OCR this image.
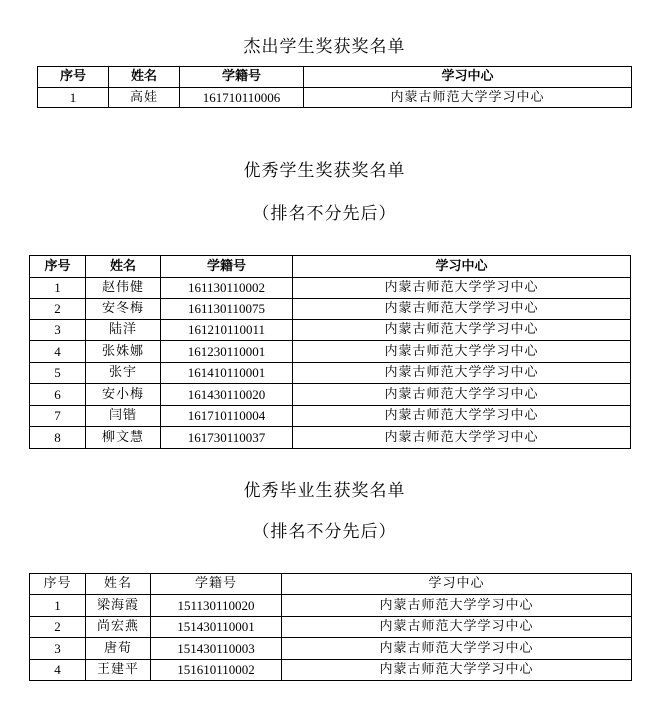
杰出学生奖获奖名单
序号	姓名	学籍号	学习中心
1	高娃	161710110006	内蒙古师范大学学习中心
优秀学生奖获奖名单
（排名不分先后）
序号	姓名	学籍号	学习中心
1	赵伟健	161130110002	内蒙古师范大学学习中心
2	安冬梅	161130110075	内蒙古师范大学学习中心
3	陆洋	161210110011	内蒙古师范大学学习中心
4	张姝娜	161230110001	内蒙古师范大学学习中心
5	张宇	161410110001	内蒙古师范大学学习中心
6	安小梅	161430110020	内蒙古师范大学学习中心
7	闫锴	161710110004	内蒙古师范大学学习中心
8	柳文慧	161730110037	内蒙古师范大学学习中心
优秀毕业生获奖名单
（排名不分先后）
序号	姓名	学籍号	学习中心
1	梁海霞	151130110020	内蒙古师范大学学习中心
2	尚宏燕	151430110001	内蒙古师范大学学习中心
3	唐荀	151430110003	内蒙古师范大学学习中心
4	王建平	151610110002	内蒙古师范大学学习中心
